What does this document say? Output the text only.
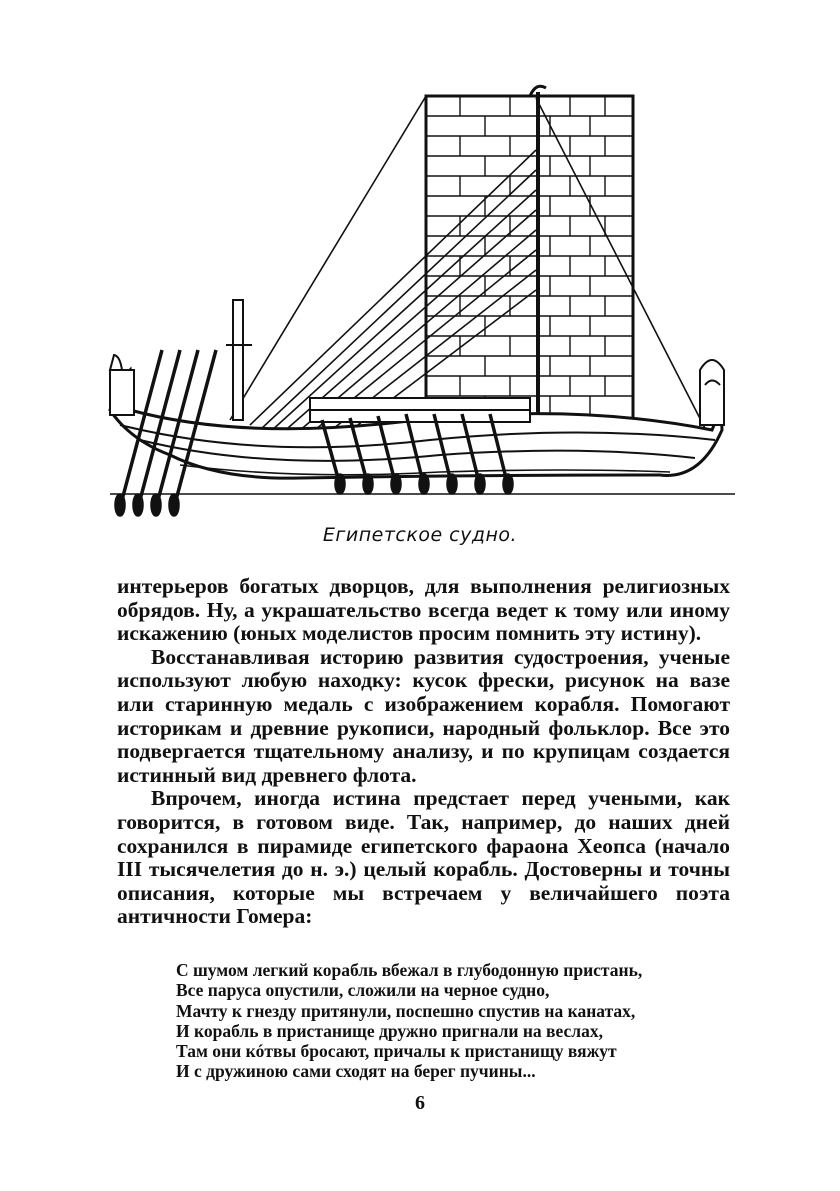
Египетское судно.

интерьеров богатых дворцов, для выполнения религиозных обрядов. Ну, а украшательство всегда ведет к тому или иному искажению (юных моделистов просим помнить эту истину).

Восстанавливая историю развития судостроения, ученые используют любую находку: кусок фрески, рисунок на вазе или старинную медаль с изображением корабля. Помогают историкам и древние рукописи, народный фольклор. Все это подвергается тщательному анализу, и по крупицам создается истинный вид древнего флота.

Впрочем, иногда истина предстает перед учеными, как говорится, в готовом виде. Так, например, до наших дней сохранился в пирамиде египетского фараона Хеопса (начало III тысячелетия до н. э.) целый корабль. Достоверны и точны описания, которые мы встречаем у величайшего поэта античности Гомера:

С шумом легкий корабль вбежал в глубодонную пристань,
Все паруса опустили, сложили на черное судно,
Мачту к гнезду притянули, поспешно спустив на канатах,
И корабль в пристанище дружно пригнали на веслах,
Там они кóтвы бросают, причалы к пристанищу вяжут
И с дружиною сами сходят на берег пучины...
6
